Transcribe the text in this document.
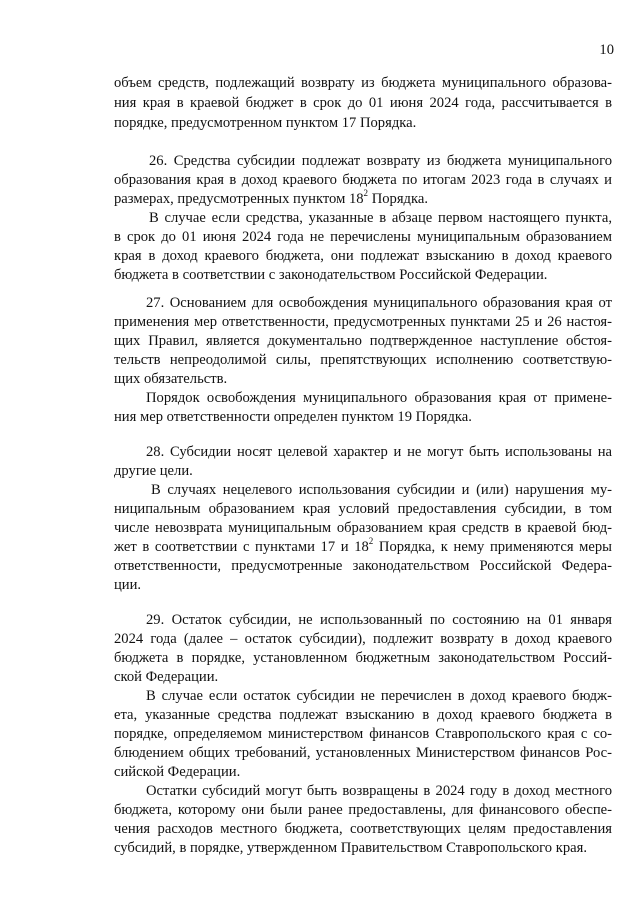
10
объем средств, подлежащий возврату из бюджета муниципального образова-
ния края в краевой бюджет в срок до 01 июня 2024 года, рассчитывается в
порядке, предусмотренном пунктом 17 Порядка.
26. Средства субсидии подлежат возврату из бюджета муниципального
образования края в доход краевого бюджета по итогам 2023 года в случаях и
размерах, предусмотренных пунктом $18^2$ Порядка.
В случае если средства, указанные в абзаце первом настоящего пункта,
в срок до 01 июня 2024 года не перечислены муниципальным образованием
края в доход краевого бюджета, они подлежат взысканию в доход краевого
бюджета в соответствии с законодательством Российской Федерации.
27. Основанием для освобождения муниципального образования края от
применения мер ответственности, предусмотренных пунктами 25 и 26 настоя-
щих Правил, является документально подтвержденное наступление обстоя-
тельств непреодолимой силы, препятствующих исполнению соответствую-
щих обязательств.
Порядок освобождения муниципального образования края от примене-
ния мер ответственности определен пунктом 19 Порядка.
28. Субсидии носят целевой характер и не могут быть использованы на
другие цели.
В случаях нецелевого использования субсидии и (или) нарушения му-
ниципальным образованием края условий предоставления субсидии, в том
числе невозврата муниципальным образованием края средств в краевой бюд-
жет в соответствии с пунктами 17 и $18^2$ Порядка, к нему применяются меры
ответственности, предусмотренные законодательством Российской Федера-
ции.
29. Остаток субсидии, не использованный по состоянию на 01 января
2024 года (далее – остаток субсидии), подлежит возврату в доход краевого
бюджета в порядке, установленном бюджетным законодательством Россий-
ской Федерации.
В случае если остаток субсидии не перечислен в доход краевого бюдж-
ета, указанные средства подлежат взысканию в доход краевого бюджета в
порядке, определяемом министерством финансов Ставропольского края с со-
блюдением общих требований, установленных Министерством финансов Рос-
сийской Федерации.
Остатки субсидий могут быть возвращены в 2024 году в доход местного
бюджета, которому они были ранее предоставлены, для финансового обеспе-
чения расходов местного бюджета, соответствующих целям предоставления
субсидий, в порядке, утвержденном Правительством Ставропольского края.
